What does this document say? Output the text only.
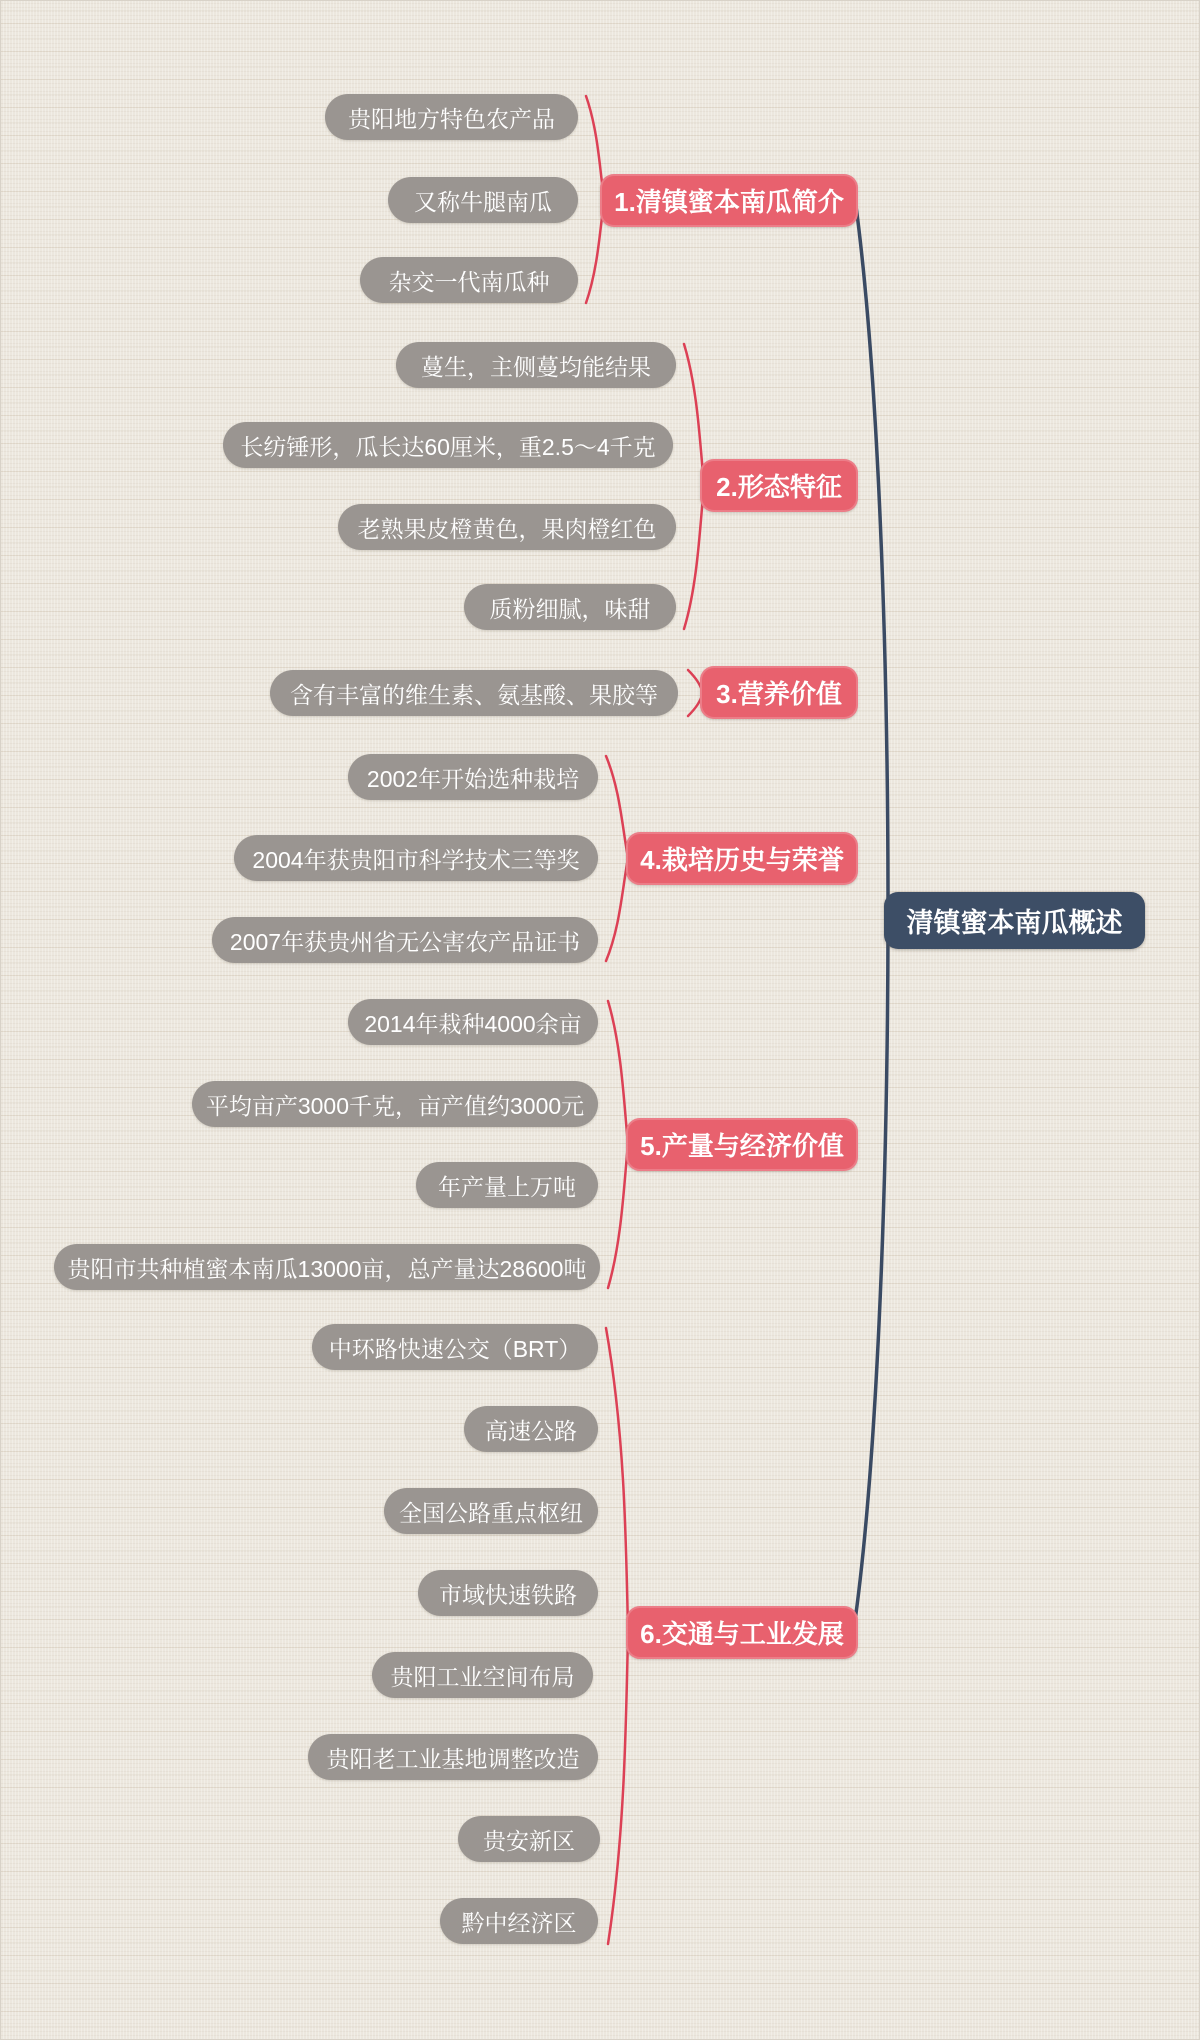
清镇蜜本南瓜概述
1.清镇蜜本南瓜简介
贵阳地方特色农产品
又称牛腿南瓜
杂交一代南瓜种
2.形态特征
蔓生，主侧蔓均能结果
长纺锤形，瓜长达60厘米，重2.5～4千克
老熟果皮橙黄色，果肉橙红色
质粉细腻，味甜
3.营养价值
含有丰富的维生素、氨基酸、果胶等
4.栽培历史与荣誉
2002年开始选种栽培
2004年获贵阳市科学技术三等奖
2007年获贵州省无公害农产品证书
5.产量与经济价值
2014年栽种4000余亩
平均亩产3000千克，亩产值约3000元
年产量上万吨
贵阳市共种植蜜本南瓜13000亩，总产量达28600吨
6.交通与工业发展
中环路快速公交（BRT）
高速公路
全国公路重点枢纽
市域快速铁路
贵阳工业空间布局
贵阳老工业基地调整改造
贵安新区
黔中经济区
